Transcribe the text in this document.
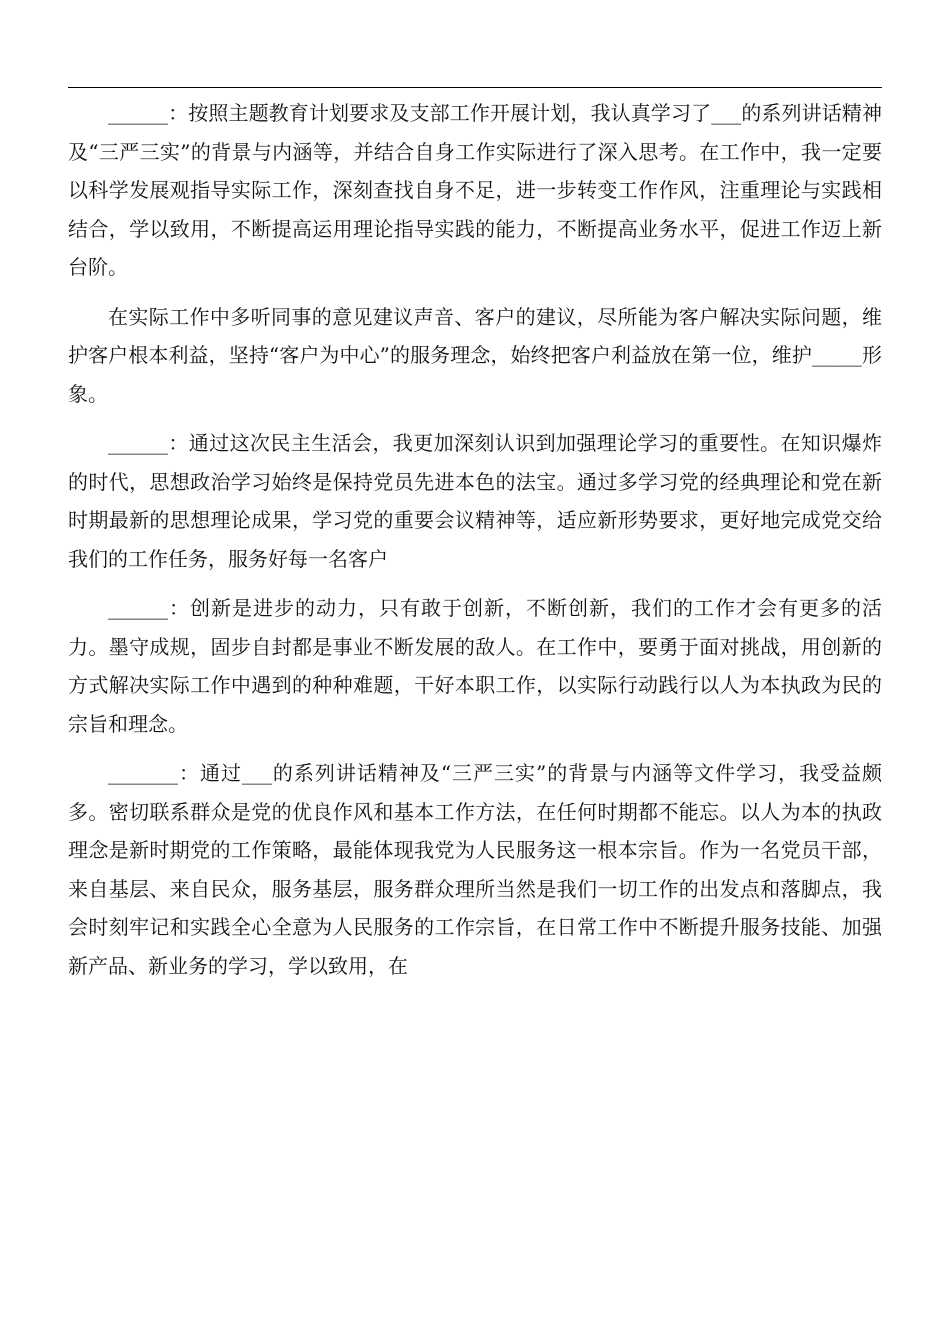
______：按照主题教育计划要求及支部工作开展计划，我认真学习了___的系列讲话精神及“三严三实”的背景与内涵等，并结合自身工作实际进行了深入思考。在工作中，我一定要以科学发展观指导实际工作，深刻查找自身不足，进一步转变工作作风，注重理论与实践相结合，学以致用，不断提高运用理论指导实践的能力，不断提高业务水平，促进工作迈上新台阶。

在实际工作中多听同事的意见建议声音、客户的建议，尽所能为客户解决实际问题，维护客户根本利益，坚持“客户为中心”的服务理念，始终把客户利益放在第一位，维护_____形象。

______：通过这次民主生活会，我更加深刻认识到加强理论学习的重要性。在知识爆炸的时代，思想政治学习始终是保持党员先进本色的法宝。通过多学习党的经典理论和党在新时期最新的思想理论成果，学习党的重要会议精神等，适应新形势要求，更好地完成党交给我们的工作任务，服务好每一名客户

______：创新是进步的动力，只有敢于创新，不断创新，我们的工作才会有更多的活力。墨守成规，固步自封都是事业不断发展的敌人。在工作中，要勇于面对挑战，用创新的方式解决实际工作中遇到的种种难题，干好本职工作，以实际行动践行以人为本执政为民的宗旨和理念。

_______：通过___的系列讲话精神及“三严三实”的背景与内涵等文件学习，我受益颇多。密切联系群众是党的优良作风和基本工作方法，在任何时期都不能忘。以人为本的执政理念是新时期党的工作策略，最能体现我党为人民服务这一根本宗旨。作为一名党员干部，来自基层、来自民众，服务基层，服务群众理所当然是我们一切工作的出发点和落脚点，我会时刻牢记和实践全心全意为人民服务的工作宗旨，在日常工作中不断提升服务技能、加强新产品、新业务的学习，学以致用，在
